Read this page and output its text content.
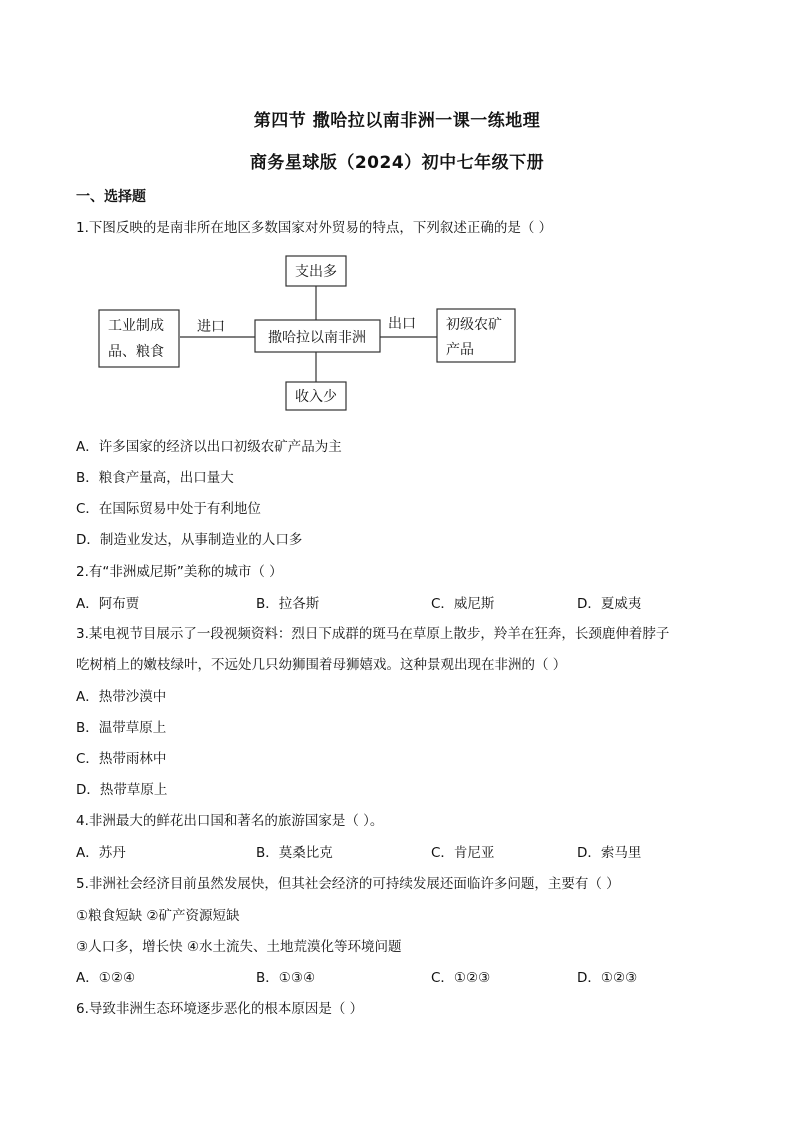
第四节 撒哈拉以南非洲一课一练地理
商务星球版（2024）初中七年级下册
一、选择题
1.下图反映的是南非所在地区多数国家对外贸易的特点，下列叙述正确的是（ ）
支出多
撒哈拉以南非洲
收入少
工业制成
品、粮食
初级农矿
产品
进口	出口
A．许多国家的经济以出口初级农矿产品为主
B．粮食产量高，出口量大
C．在国际贸易中处于有利地位
D．制造业发达，从事制造业的人口多
2.有“非洲威尼斯”美称的城市（ ）
A．阿布贾	B．拉各斯	C．威尼斯	D．夏威夷
3.某电视节目展示了一段视频资料：烈日下成群的斑马在草原上散步，羚羊在狂奔，长颈鹿伸着脖子
吃树梢上的嫩枝绿叶，不远处几只幼狮围着母狮嬉戏。这种景观出现在非洲的（ ）
A．热带沙漠中
B．温带草原上
C．热带雨林中
D．热带草原上
4.非洲最大的鲜花出口国和著名的旅游国家是（ ）。
A．苏丹	B．莫桑比克	C．肯尼亚	D．索马里
5.非洲社会经济目前虽然发展快，但其社会经济的可持续发展还面临许多问题，主要有（ ）
①粮食短缺 ②矿产资源短缺
③人口多，增长快 ④水土流失、土地荒漠化等环境问题
A．①②④	B．①③④	C．①②③	D．①②③
6.导致非洲生态环境逐步恶化的根本原因是（ ）
